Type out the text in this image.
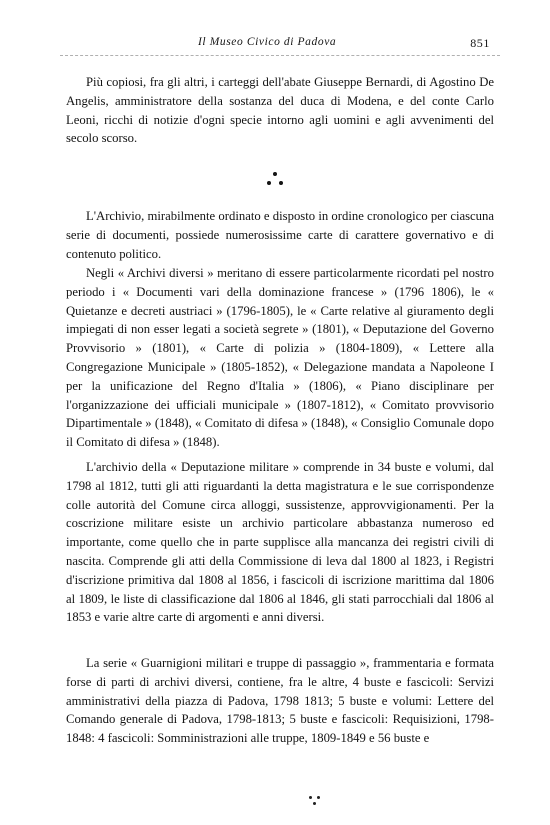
Il Museo Civico di Padova	851

Più copiosi, fra gli altri, i carteggi dell'abate Giuseppe Bernardi, di Agostino De Angelis, amministratore della sostanza del duca di Modena, e del conte Carlo Leoni, ricchi di notizie d'ogni specie intorno agli uomini e agli avvenimenti del secolo scorso.

L'Archivio, mirabilmente ordinato e disposto in ordine cronologico per ciascuna serie di documenti, possiede numerosissime carte di carattere governativo e di contenuto politico.

Negli « Archivi diversi » meritano di essere particolarmente ricordati pel nostro periodo i « Documenti vari della dominazione francese » (1796 1806), le « Quietanze e decreti austriaci » (1796-1805), le « Carte relative al giuramento degli impiegati di non esser legati a società segrete » (1801), « Deputazione del Governo Provvisorio » (1801), « Carte di polizia » (1804-1809), « Lettere alla Congregazione Municipale » (1805-1852), « Delegazione mandata a Napoleone I per la unificazione del Regno d'Italia » (1806), « Piano disciplinare per l'organizzazione dei ufficiali municipale » (1807-1812), « Comitato provvisorio Dipartimentale » (1848), « Comitato di difesa » (1848), « Consiglio Comunale dopo il Comitato di difesa » (1848).

L'archivio della « Deputazione militare » comprende in 34 buste e volumi, dal 1798 al 1812, tutti gli atti riguardanti la detta magistratura e le sue corrispondenze colle autorità del Comune circa alloggi, sussistenze, approvvigionamenti. Per la coscrizione militare esiste un archivio particolare abbastanza numeroso ed importante, come quello che in parte supplisce alla mancanza dei registri civili di nascita. Comprende gli atti della Commissione di leva dal 1800 al 1823, i Registri d'iscrizione primitiva dal 1808 al 1856, i fascicoli di iscrizione marittima dal 1806 al 1809, le liste di classificazione dal 1806 al 1846, gli stati parrocchiali dal 1806 al 1853 e varie altre carte di argomenti e anni diversi.

La serie « Guarnigioni militari e truppe di passaggio », frammentaria e formata forse di parti di archivi diversi, contiene, fra le altre, 4 buste e fascicoli: Servizi amministrativi della piazza di Padova, 1798 1813; 5 buste e volumi: Lettere del Comando generale di Padova, 1798-1813; 5 buste e fascicoli: Requisizioni, 1798-1848: 4 fascicoli: Somministrazioni alle truppe, 1809-1849 e 56 buste e
